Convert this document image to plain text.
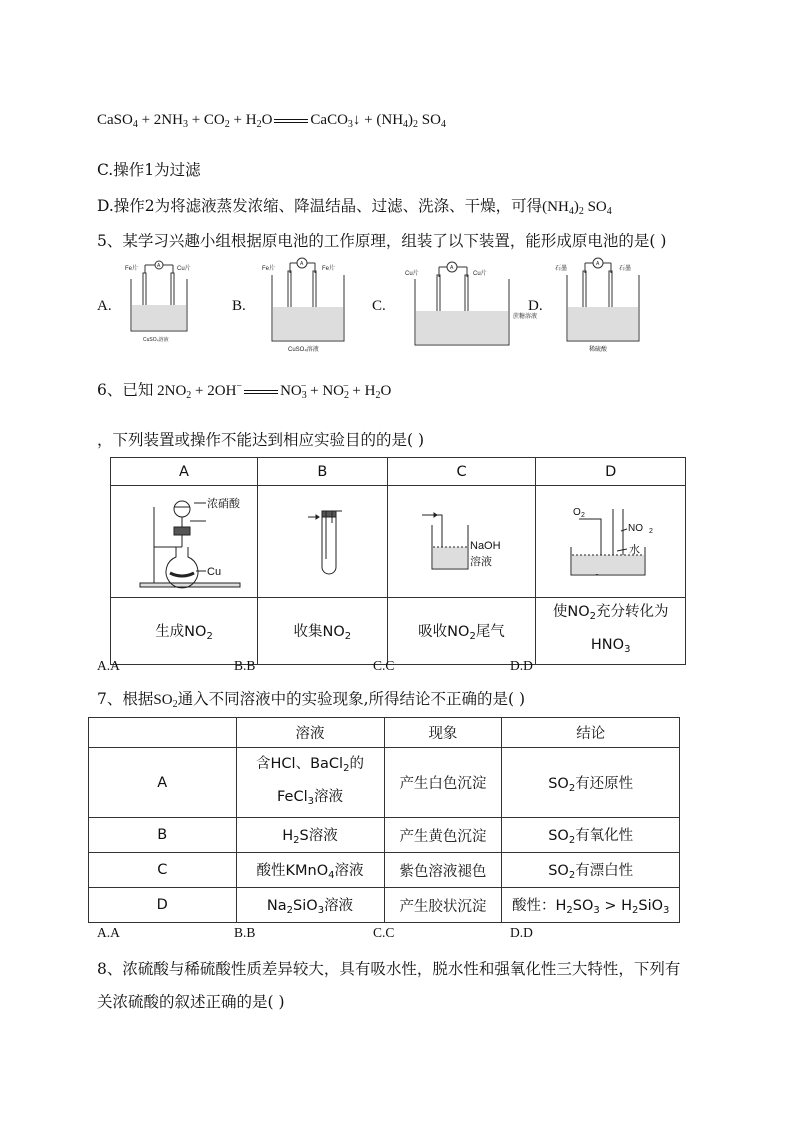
CaSO$_4$ + $2NH_3 + CO_2 + H_2O$	CaCO$_3$↓ + $(NH_4)_2$ $SO_4$
C.操作1为过滤
D.操作2为将滤液蒸发浓缩、降温结晶、过滤、洗涤、干燥，可得$(NH_4)_2$ $SO_4$
5、某学习兴趣小组根据原电池的工作原理，组装了以下装置，能形成原电池的是( )
A.	B.	C.	D.
Fe片	Cu片
A
CuSO₄溶液
Fe片	Fe片
A
CuSO₄溶液
Cu片	Cu片
A
蔗糖溶液
石墨	石墨
A
稀硫酸
6、已知 $2NO_2 + 2OH^-$	$NO_3^- + NO_2^- + H_2O$
，下列装置或操作不能达到相应实验目的的是( )
A	B	C	D

浓硝酸
Cu		NaOH
溶液	O 2
NO 2
水

生成$NO_2$	收集$NO_2$	吸收$NO_2$尾气	使$NO_2$充分转化为
$HNO_3$
A.A	B.B	C.C	D.D
7、根据$SO_2$通入不同溶液中的实验现象,所得结论不正确的是( )
	溶液	现象	结论
A	含HCl、BaCl$_2$的
FeCl$_3$溶液	产生白色沉淀	$SO_2$有还原性
B	$H_2S$溶液	产生黄色沉淀	$SO_2$有氧化性
C	酸性KMnO$_4$溶液	紫色溶液褪色	$SO_2$有漂白性
D	$Na_2SiO_3$溶液	产生胶状沉淀	酸性：$H_2SO_3 > H_2SiO_3$
A.A	B.B	C.C	D.D
8、浓硫酸与稀硫酸性质差异较大，具有吸水性，脱水性和强氧化性三大特性，下列有
关浓硫酸的叙述正确的是( )
